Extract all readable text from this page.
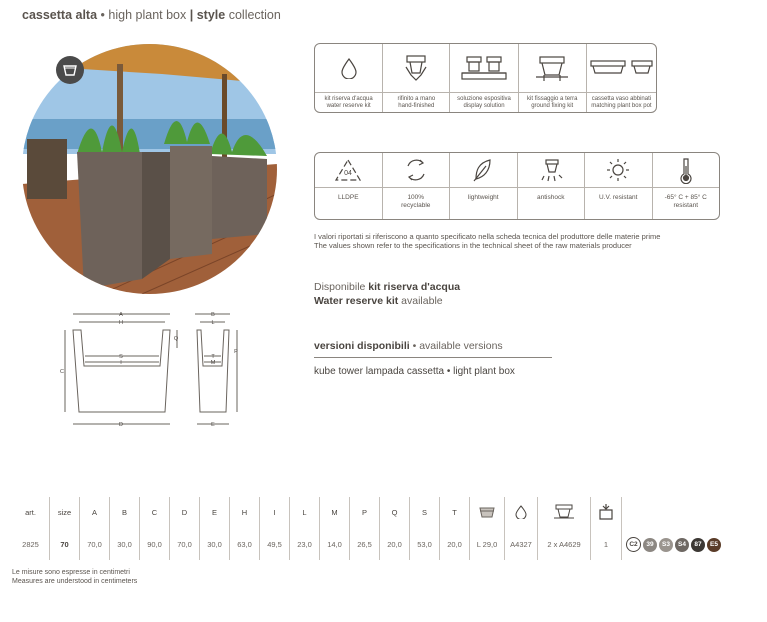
cassetta alta • high plant box | style collection
kit riserva d'acqua
water reserve kit
rifinito a mano
hand-finished
soluzione espositiva
display solution
kit fissaggio a terra
ground fixing kit
cassetta vaso abbinati
matching plant box pot
04
LLDPE	100% recyclable
lightweight	antishock	U.V. resistant	-65° C + 85° C resistant
I valori riportati si riferiscono a quanto specificato nella scheda tecnica del produttore delle materie prime
The values shown refer to the specifications in the technical sheet of the raw materials producer
Disponibile kit riserva d'acqua
Water reserve kit available
versioni disponibili • available versions
kube tower lampada cassetta • light plant box
A
H
S
I
C
Q
D
B
L
T
M
P
E
art.	size	A	B	C	D	E	H	I	L	M	P	Q	S	T					
2825	70	70,0	30,0	90,0	70,0	30,0	63,0	49,5	23,0	14,0	26,5	20,0	53,0	20,0	L 29,0	A4327	2 x A4629	1	C2 39 S3 S4 87 E5
Le misure sono espresse in centimetri
Measures are understood in centimeters
